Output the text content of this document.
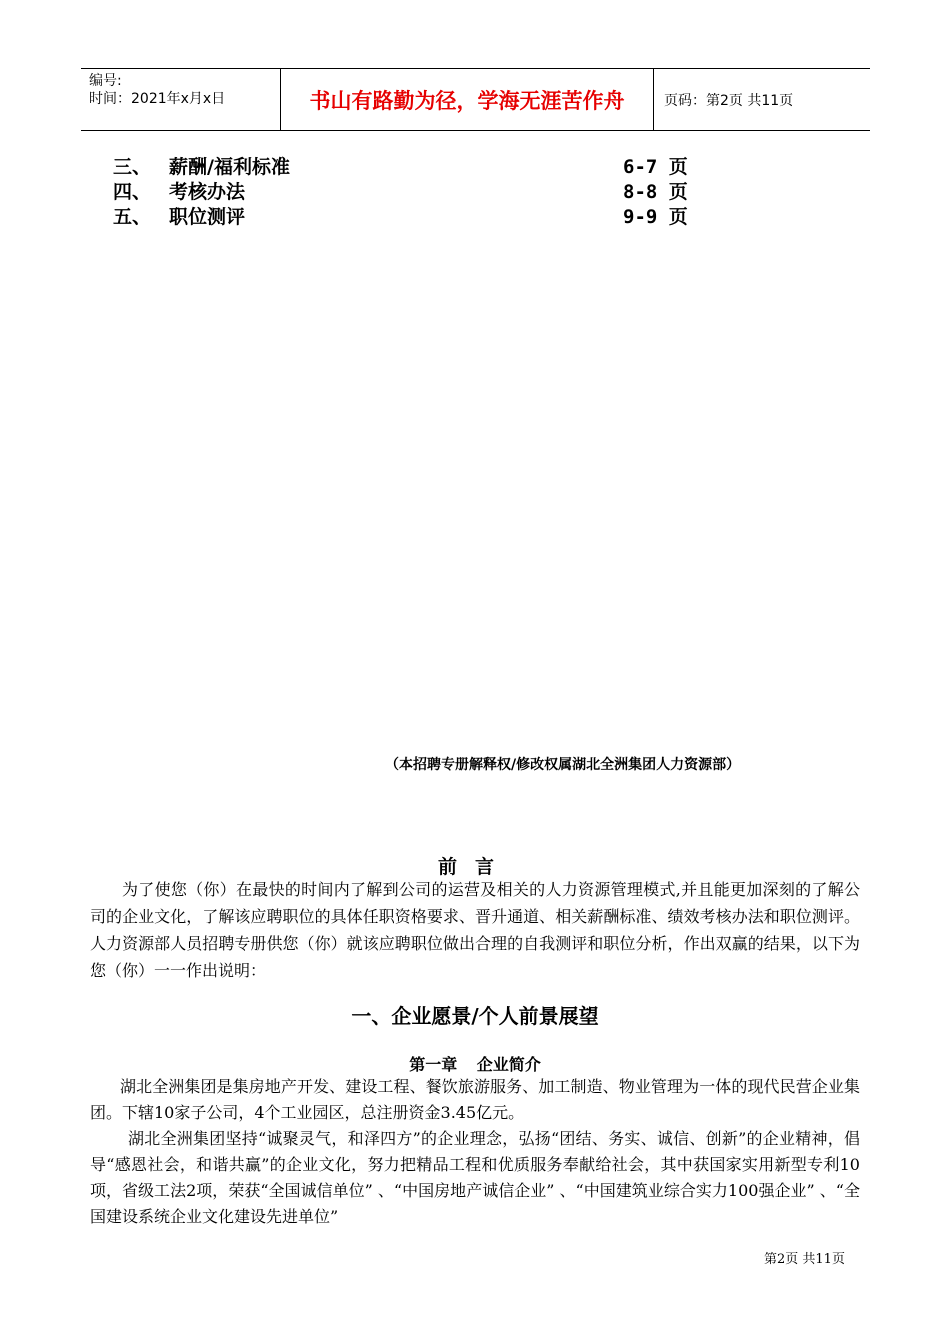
编号:
时间：2021年x月x日	书山有路勤为径，学海无涯苦作舟	页码：第2页 共11页
三、 薪酬/福利标准	6-7 页
四、 考核办法	8-8 页
五、 职位测评	9-9 页
（本招聘专册解释权/修改权属湖北全洲集团人力资源部）
前言
为了使您（你）在最快的时间内了解到公司的运营及相关的人力资源管理模式,并且能更加深刻的了解公司的企业文化，了解该应聘职位的具体任职资格要求、晋升通道、相关薪酬标准、绩效考核办法和职位测评。人力资源部人员招聘专册供您（你）就该应聘职位做出合理的自我测评和职位分析，作出双赢的结果，以下为您（你）一一作出说明：
一、企业愿景/个人前景展望
第一章 企业简介
湖北全洲集团是集房地产开发、建设工程、餐饮旅游服务、加工制造、物业管理为一体的现代民营企业集团。下辖10家子公司，4个工业园区，总注册资金3.45亿元。
湖北全洲集团坚持“诚聚灵气，和泽四方”的企业理念，弘扬“团结、务实、诚信、创新”的企业精神，倡导“感恩社会，和谐共赢”的企业文化，努力把精品工程和优质服务奉献给社会，其中获国家实用新型专利10项，省级工法2项，荣获“全国诚信单位” 、“中国房地产诚信企业” 、“中国建筑业综合实力100强企业” 、“全国建设系统企业文化建设先进单位”
第2页 共11页
